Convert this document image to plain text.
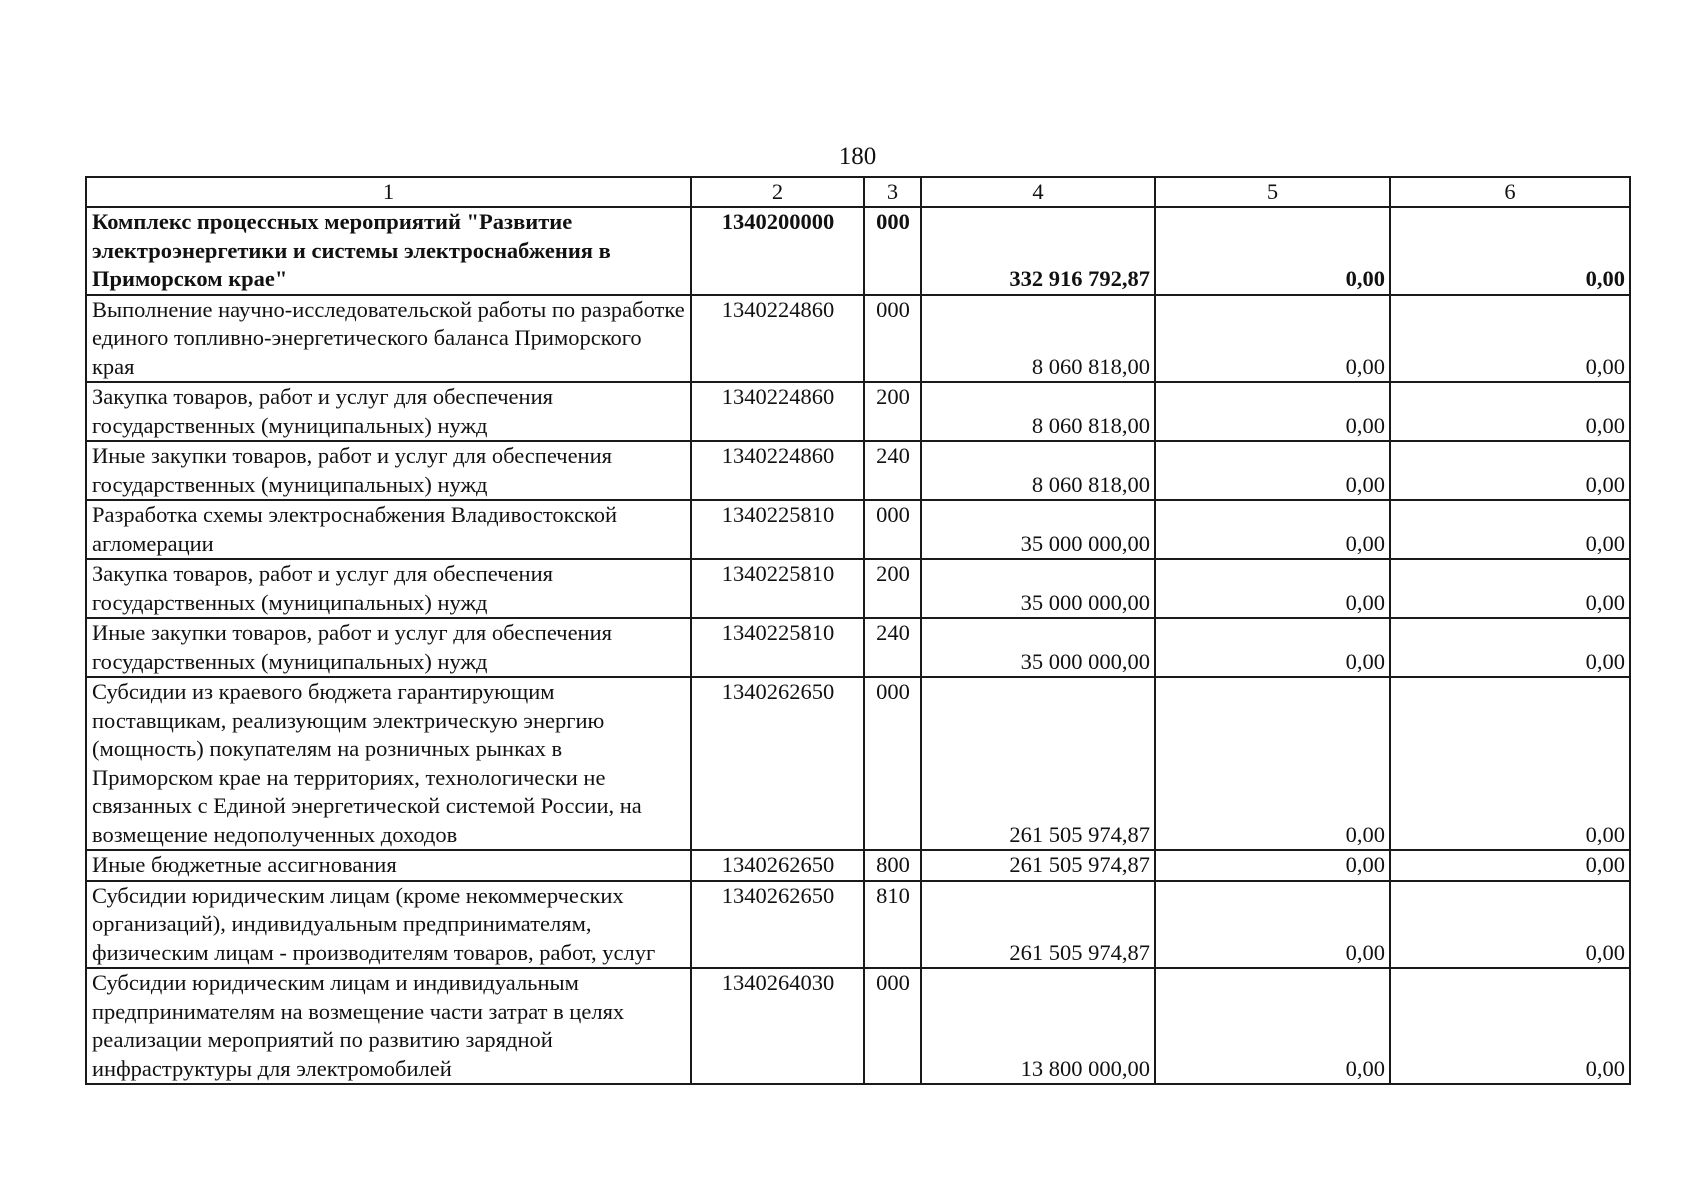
180
1	2	3	4	5	6
Комплекс процессных мероприятий "Развитие электроэнергетики и системы электроснабжения в Приморском крае"	1340200000	000	332 916 792,87	0,00	0,00
Выполнение научно-исследовательской работы по разработке единого топливно-энергетического баланса Приморского края	1340224860	000	8 060 818,00	0,00	0,00
Закупка товаров, работ и услуг для обеспечения государственных (муниципальных) нужд	1340224860	200	8 060 818,00	0,00	0,00
Иные закупки товаров, работ и услуг для обеспечения государственных (муниципальных) нужд	1340224860	240	8 060 818,00	0,00	0,00
Разработка схемы электроснабжения Владивостокской агломерации	1340225810	000	35 000 000,00	0,00	0,00
Закупка товаров, работ и услуг для обеспечения государственных (муниципальных) нужд	1340225810	200	35 000 000,00	0,00	0,00
Иные закупки товаров, работ и услуг для обеспечения государственных (муниципальных) нужд	1340225810	240	35 000 000,00	0,00	0,00
Субсидии из краевого бюджета гарантирующим поставщикам, реализующим электрическую энергию (мощность) покупателям на розничных рынках в Приморском крае на территориях, технологически не связанных с Единой энергетической системой России, на возмещение недополученных доходов	1340262650	000	261 505 974,87	0,00	0,00
Иные бюджетные ассигнования	1340262650	800	261 505 974,87	0,00	0,00
Субсидии юридическим лицам (кроме некоммерческих организаций), индивидуальным предпринимателям, физическим лицам - производителям товаров, работ, услуг	1340262650	810	261 505 974,87	0,00	0,00
Субсидии юридическим лицам и индивидуальным предпринимателям на возмещение части затрат в целях реализации мероприятий по развитию зарядной инфраструктуры для электромобилей	1340264030	000	13 800 000,00	0,00	0,00
